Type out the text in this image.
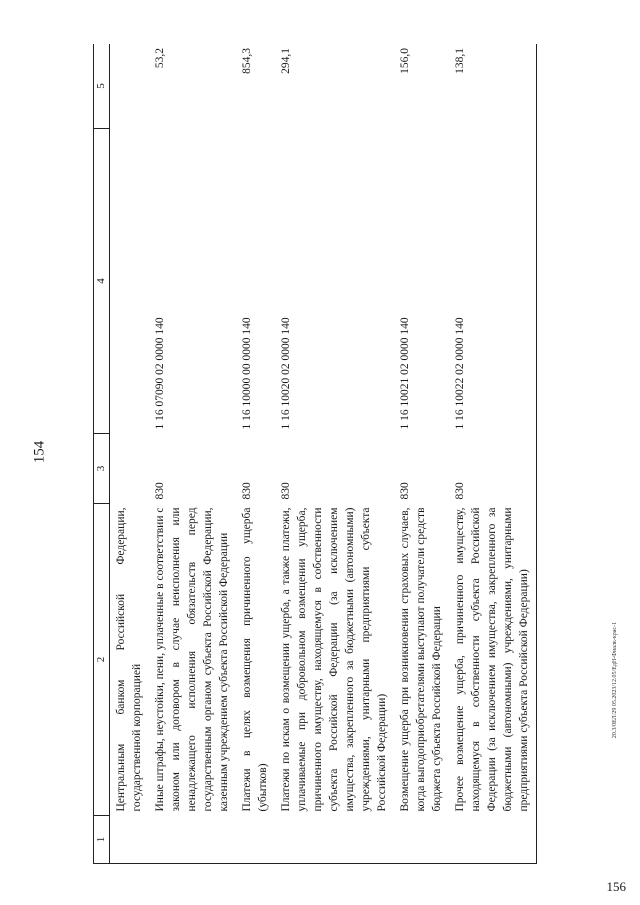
154
20.3/0ЕЛ/29 05.2023/12.05/ЕдH-Фиалк-крас-1
1	2	3	4	5
	Центральным банком Российской Федерации, государственной корпорацией			
	Иные штрафы, неустойки, пени, уплаченные в соответствии с законом или договором в случае неисполнения или ненадлежащего исполнения обязательств перед государственным органом субъекта Российской Федерации, казенным учреждением субъекта Российской Федерации	830	1 16 07090 02 0000 140	53,2
	Платежи в целях возмещения причиненного ущерба (убытков)	830	1 16 10000 00 0000 140	854,3
	Платежи по искам о возмещении ущерба, а также платежи, уплачиваемые при добровольном возмещении ущерба, причиненного имуществу, находящемуся в собственности субъекта Российской Федерации (за исключением имущества, закрепленного за бюджетными (автономными) учреждениями, унитарными предприятиями субъекта Российской Федерации)	830	1 16 10020 02 0000 140	294,1
	Возмещение ущерба при возникновении страховых случаев, когда выгодоприобретателями выступают получатели средств бюджета субъекта Российской Федерации	830	1 16 10021 02 0000 140	156,0
	Прочее возмещение ущерба, причиненного имуществу, находящемуся в собственности субъекта Российской Федерации (за исключением имущества, закрепленного за бюджетными (автономными) учреждениями, унитарными предприятиями субъекта Российской Федерации)	830	1 16 10022 02 0000 140	138,1
156
